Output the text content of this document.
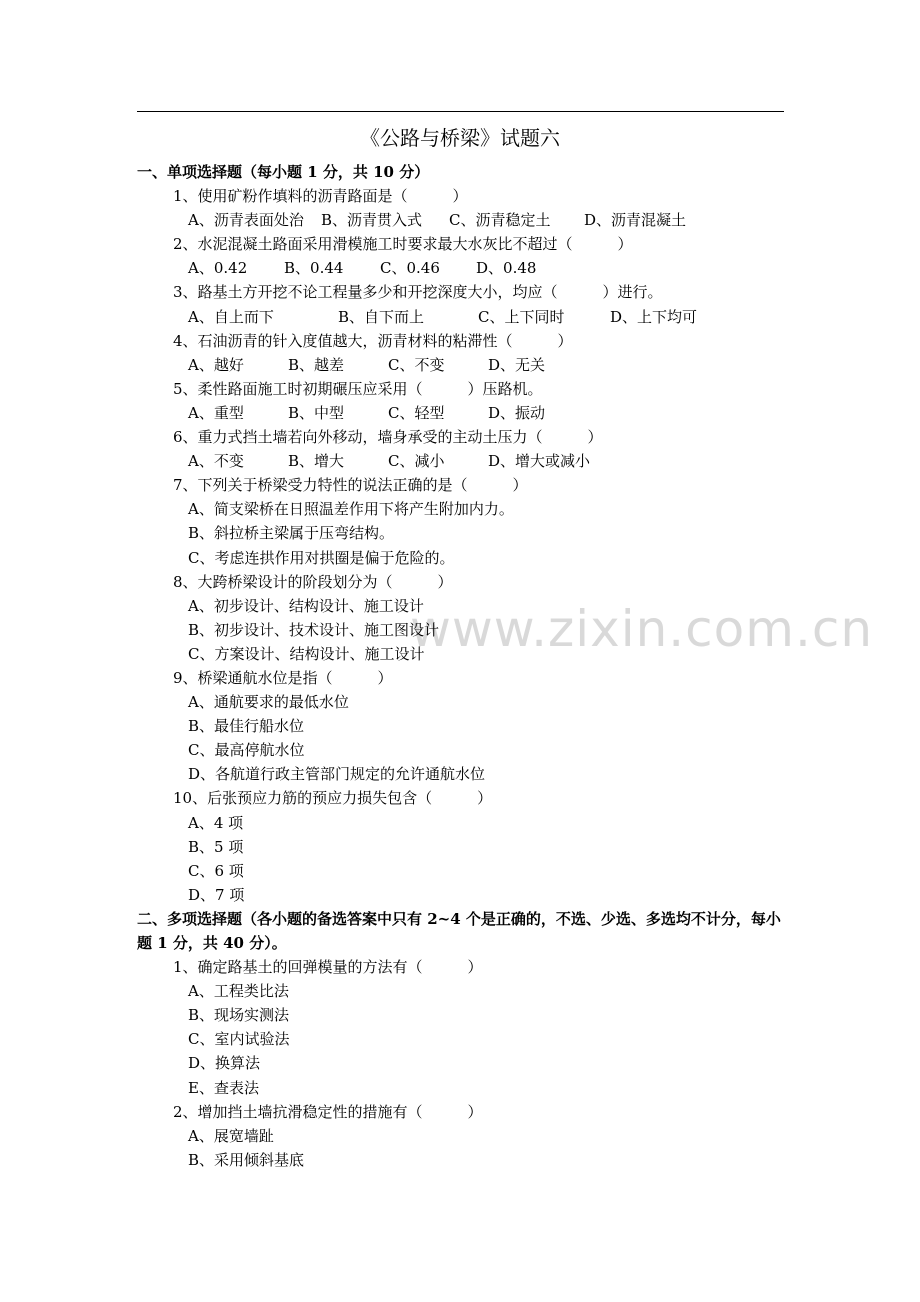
《公路与桥梁》试题六
www.zixin.com.cn
一、单项选择题（每小题 1 分，共 10 分）
1、使用矿粉作填料的沥青路面是（　　　）
A、沥青表面处治	B、沥青贯入式	C、沥青稳定土	D、沥青混凝土
2、水泥混凝土路面采用滑模施工时要求最大水灰比不超过（　　　）
A、0.42	B、0.44	C、0.46	D、0.48
3、路基土方开挖不论工程量多少和开挖深度大小，均应（　　　）进行。
A、自上而下	B、自下而上	C、上下同时	D、上下均可
4、石油沥青的针入度值越大，沥青材料的粘滞性（　　　）
A、越好	B、越差	C、不变	D、无关
5、柔性路面施工时初期碾压应采用（　　　）压路机。
A、重型	B、中型	C、轻型	D、振动
6、重力式挡土墙若向外移动，墙身承受的主动土压力（　　　）
A、不变	B、增大	C、减小	D、增大或减小
7、下列关于桥梁受力特性的说法正确的是（　　　）
A、简支梁桥在日照温差作用下将产生附加内力。
B、斜拉桥主梁属于压弯结构。
C、考虑连拱作用对拱圈是偏于危险的。
8、大跨桥梁设计的阶段划分为（　　　）
A、初步设计、结构设计、施工设计
B、初步设计、技术设计、施工图设计
C、方案设计、结构设计、施工设计
9、桥梁通航水位是指（　　　）
A、通航要求的最低水位
B、最佳行船水位
C、最高停航水位
D、各航道行政主管部门规定的允许通航水位
10、后张预应力筋的预应力损失包含（　　　）
A、4 项
B、5 项
C、6 项
D、7 项
二、多项选择题（各小题的备选答案中只有 2~4 个是正确的，不选、少选、多选均不计分，每小题 1 分，共 40 分）。
1、确定路基土的回弹模量的方法有（　　　）
A、工程类比法
B、现场实测法
C、室内试验法
D、换算法
E、查表法
2、增加挡土墙抗滑稳定性的措施有（　　　）
A、展宽墙趾
B、采用倾斜基底
